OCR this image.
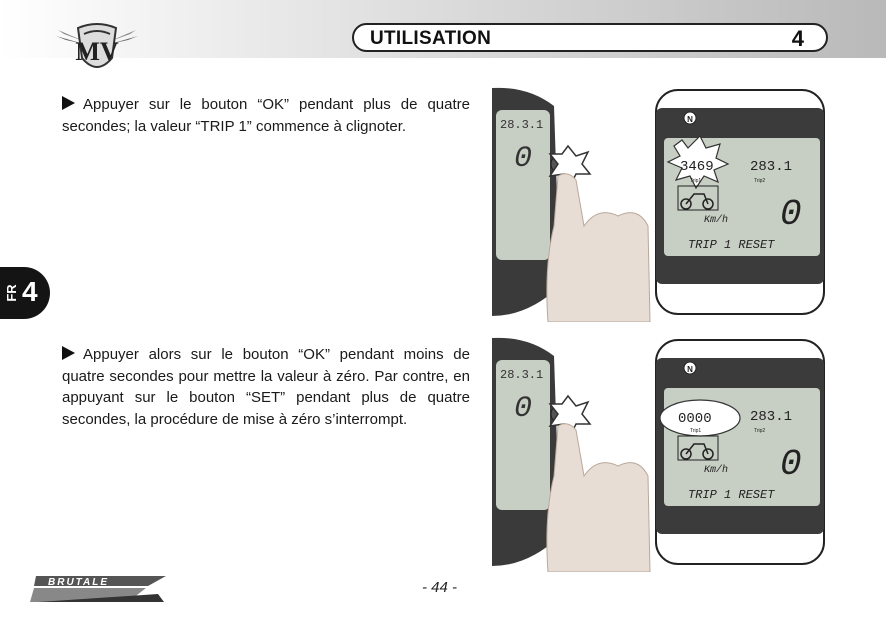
MV	UTILISATION	4
FR 4
Appuyer sur le bouton “OK” pendant plus de quatre secondes; la valeur “TRIP 1” commence à clignoter.
Appuyer alors sur le bouton “OK” pendant moins de quatre secondes pour mettre la valeur à zéro. Par contre, en appuyant sur le bouton “SET” pendant plus de quatre secondes, la procédure de mise à zéro s’interrompt.
28.3.1
0
N
3469
Trip1
283.1
Trip2
Km/h 0
TRIP 1 RESET
28.3.1
0
N
0000
Trip1
283.1
Trip2
Km/h 0
TRIP 1 RESET
BRUTALE	- 44 -
